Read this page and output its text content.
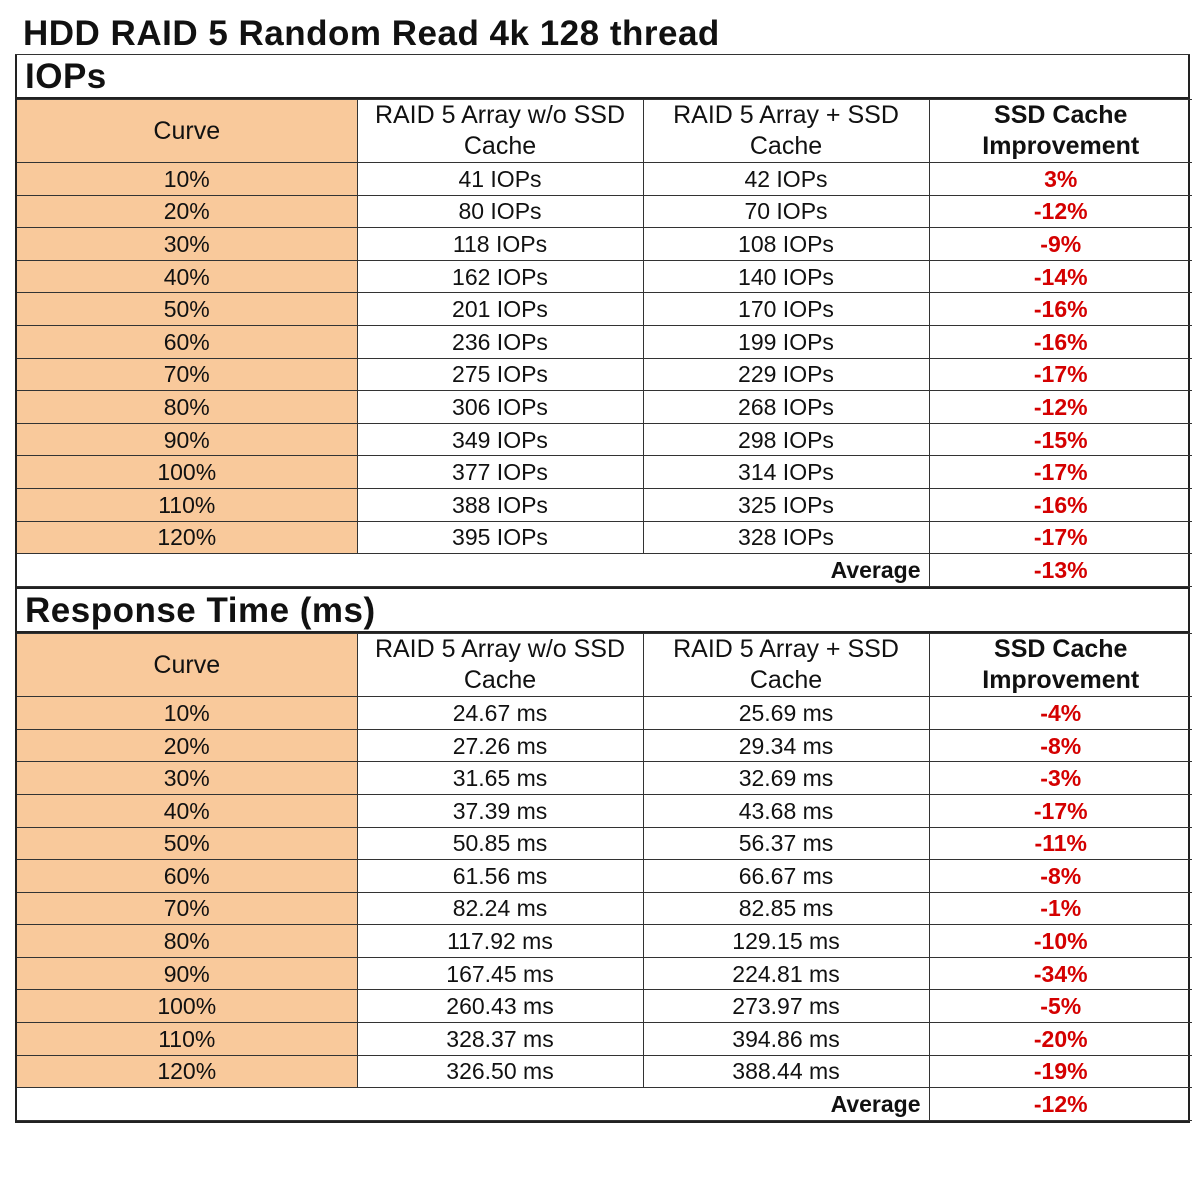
HDD RAID 5 Random Read 4k 128 thread
IOPs
Curve	RAID 5 Array w/o SSD Cache	RAID 5 Array + SSD Cache	SSD Cache Improvement
10%	41 IOPs	42 IOPs	3%
20%	80 IOPs	70 IOPs	-12%
30%	118 IOPs	108 IOPs	-9%
40%	162 IOPs	140 IOPs	-14%
50%	201 IOPs	170 IOPs	-16%
60%	236 IOPs	199 IOPs	-16%
70%	275 IOPs	229 IOPs	-17%
80%	306 IOPs	268 IOPs	-12%
90%	349 IOPs	298 IOPs	-15%
100%	377 IOPs	314 IOPs	-17%
110%	388 IOPs	325 IOPs	-16%
120%	395 IOPs	328 IOPs	-17%
Average			-13%
Response Time (ms)
Curve	RAID 5 Array w/o SSD Cache	RAID 5 Array + SSD Cache	SSD Cache Improvement
10%	24.67 ms	25.69 ms	-4%
20%	27.26 ms	29.34 ms	-8%
30%	31.65 ms	32.69 ms	-3%
40%	37.39 ms	43.68 ms	-17%
50%	50.85 ms	56.37 ms	-11%
60%	61.56 ms	66.67 ms	-8%
70%	82.24 ms	82.85 ms	-1%
80%	117.92 ms	129.15 ms	-10%
90%	167.45 ms	224.81 ms	-34%
100%	260.43 ms	273.97 ms	-5%
110%	328.37 ms	394.86 ms	-20%
120%	326.50 ms	388.44 ms	-19%
Average			-12%
